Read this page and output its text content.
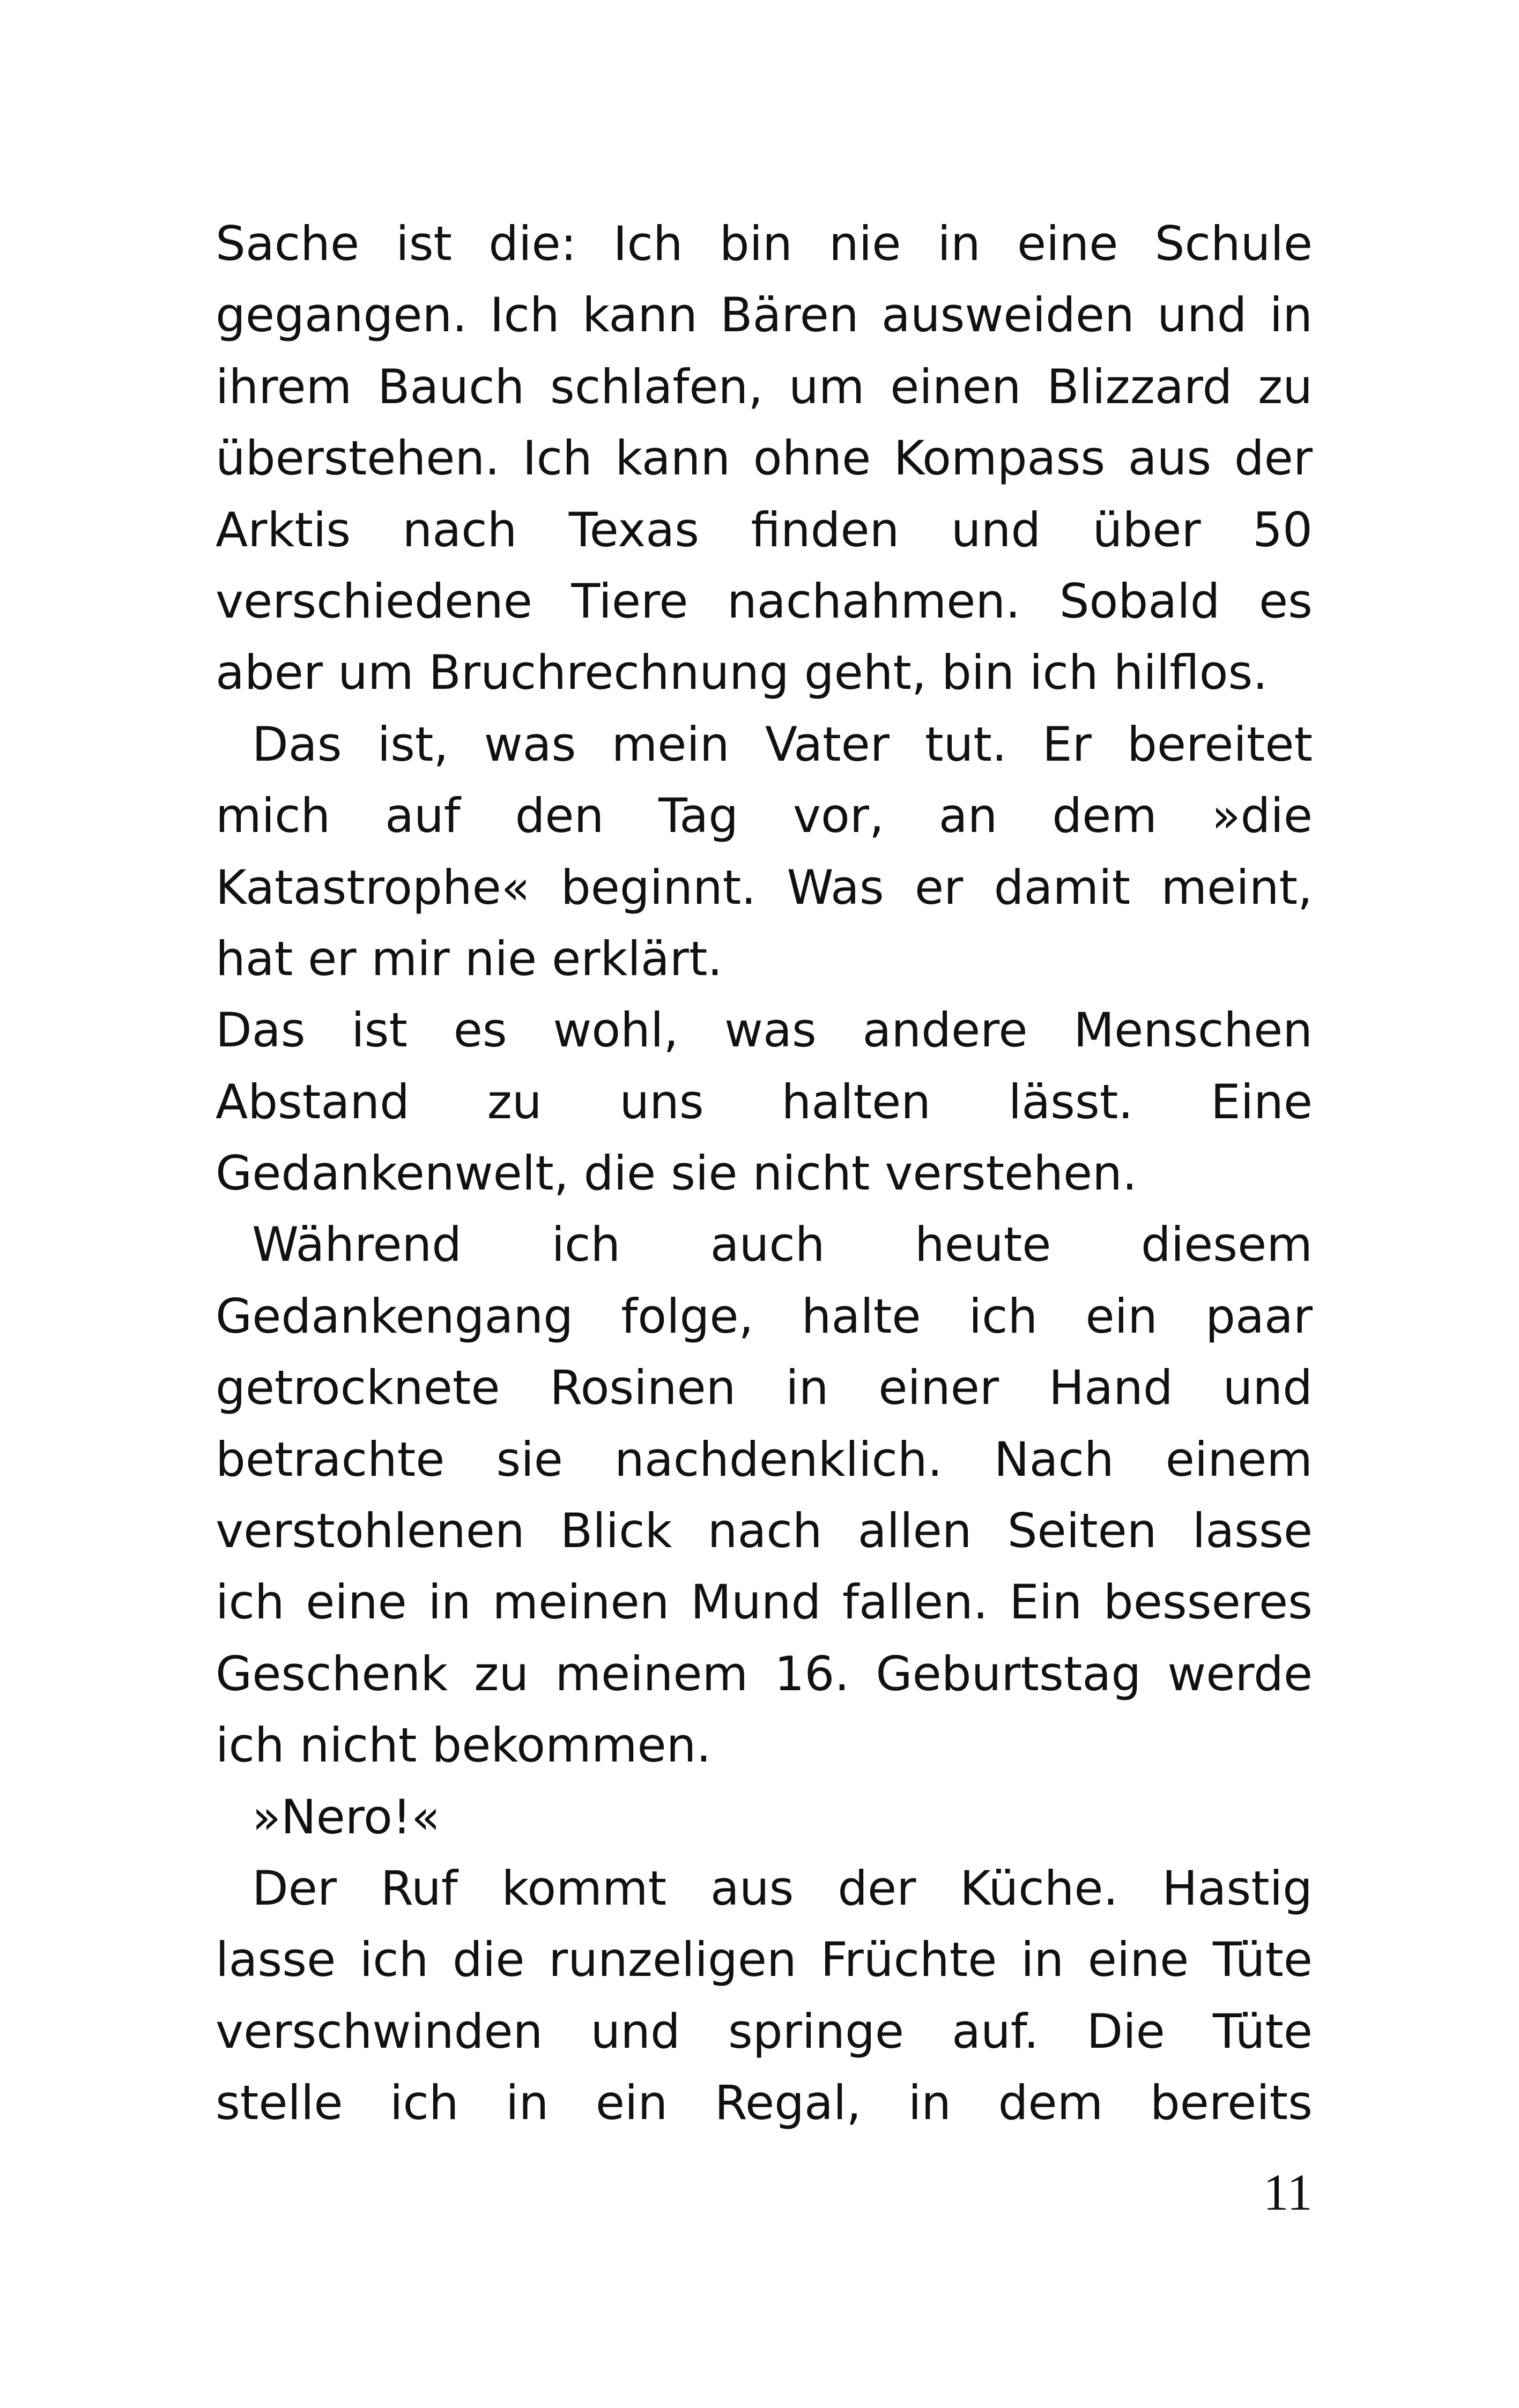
Sache ist die: Ich bin nie in eine Schule
gegangen. Ich kann Bären ausweiden und in
ihrem Bauch schlafen, um einen Blizzard zu
überstehen. Ich kann ohne Kompass aus der
Arktis nach Texas finden und über 50
verschiedene Tiere nachahmen. Sobald es
aber um Bruchrechnung geht, bin ich hilflos.
Das ist, was mein Vater tut. Er bereitet
mich auf den Tag vor, an dem »die
Katastrophe« beginnt. Was er damit meint,
hat er mir nie erklärt.
Das ist es wohl, was andere Menschen
Abstand zu uns halten lässt. Eine
Gedankenwelt, die sie nicht verstehen.
Während ich auch heute diesem
Gedankengang folge, halte ich ein paar
getrocknete Rosinen in einer Hand und
betrachte sie nachdenklich. Nach einem
verstohlenen Blick nach allen Seiten lasse
ich eine in meinen Mund fallen. Ein besseres
Geschenk zu meinem 16. Geburtstag werde
ich nicht bekommen.
»Nero!«
Der Ruf kommt aus der Küche. Hastig
lasse ich die runzeligen Früchte in eine Tüte
verschwinden und springe auf. Die Tüte
stelle ich in ein Regal, in dem bereits
11
